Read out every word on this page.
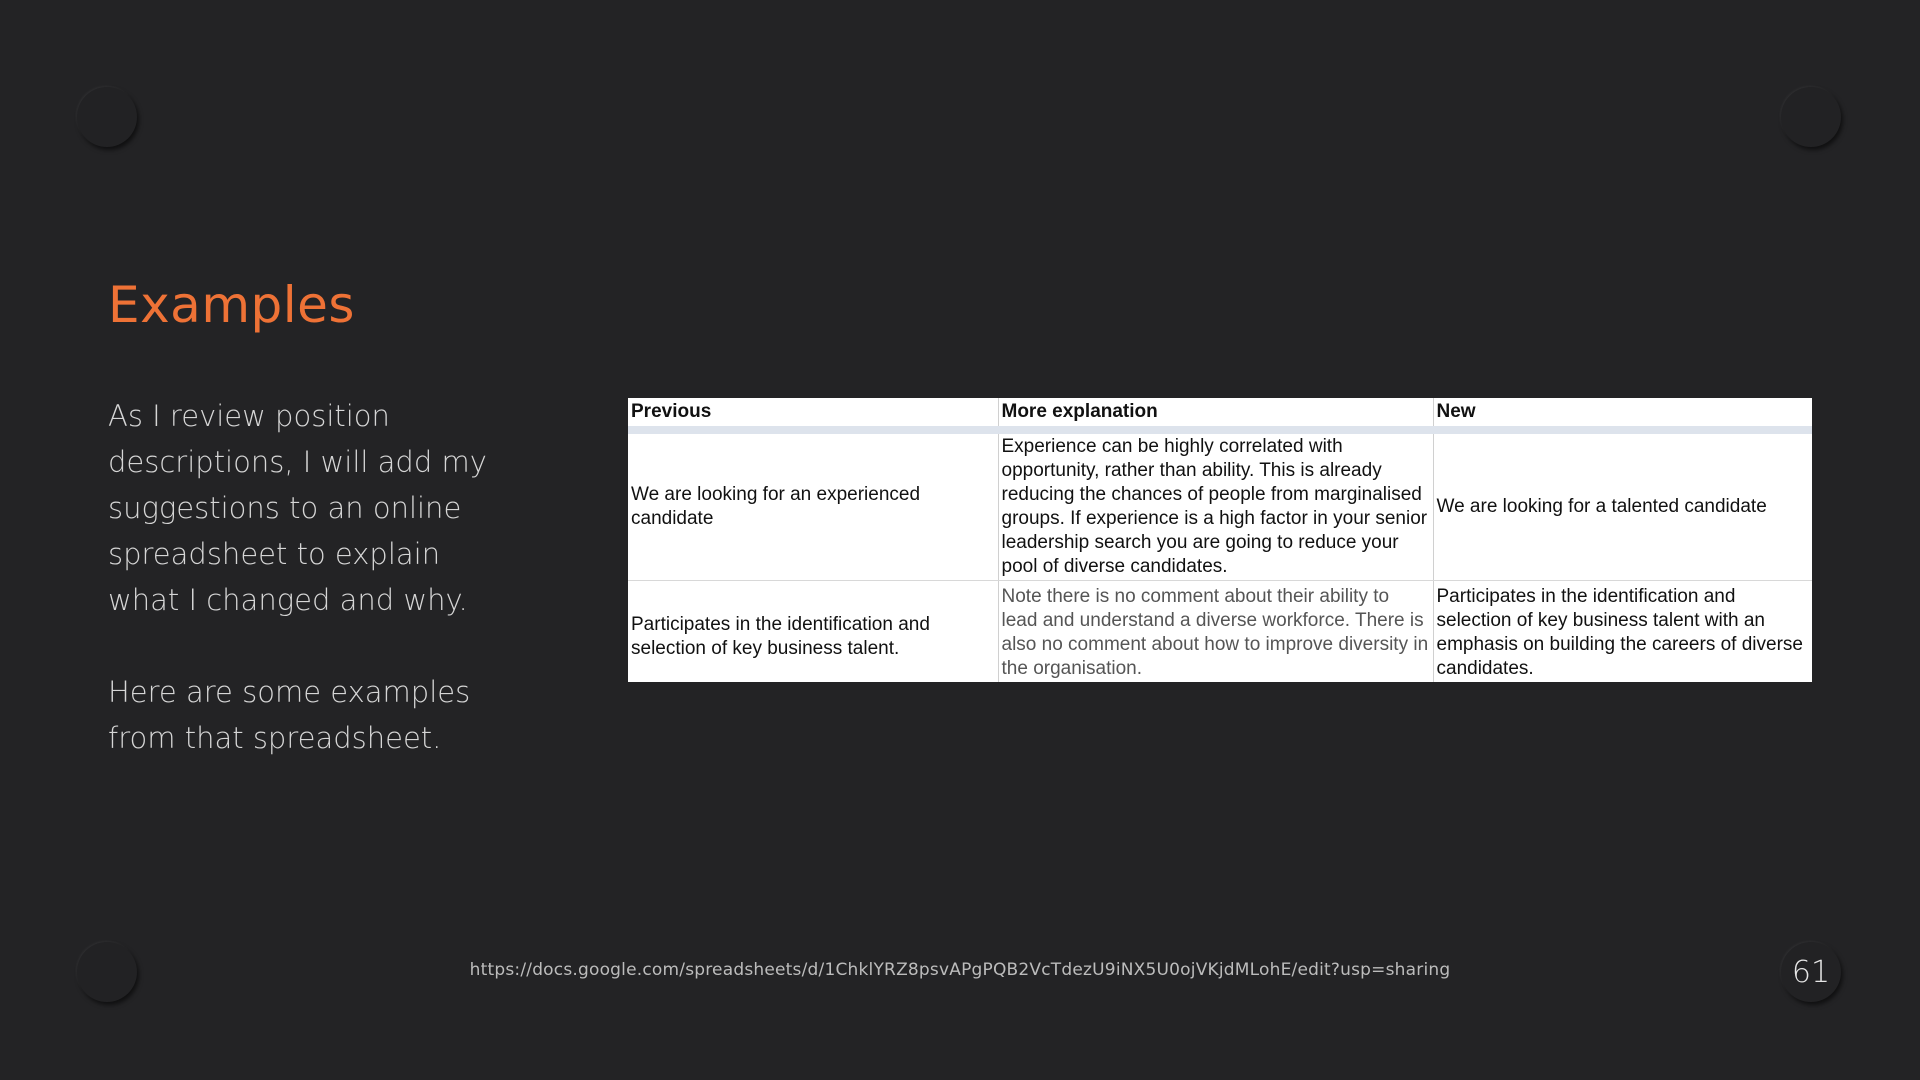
61
Examples

As I review position descriptions, I will add my suggestions to an online spreadsheet to explain what I changed and why.

Here are some examples from that spreadsheet.

Previous	More explanation	New
We are looking for an experienced candidate	Experience can be highly correlated with opportunity, rather than ability. This is already reducing the chances of people from marginalised groups. If experience is a high factor in your senior leadership search you are going to reduce your pool of diverse candidates.	We are looking for a talented candidate
Participates in the identification and selection of key business talent.	Note there is no comment about their ability to lead and understand a diverse workforce. There is also no comment about how to improve diversity in the organisation.	Participates in the identification and selection of key business talent with an emphasis on building the careers of diverse candidates.
https://docs.google.com/spreadsheets/d/1ChklYRZ8psvAPgPQB2VcTdezU9iNX5U0ojVKjdMLohE/edit?usp=sharing
